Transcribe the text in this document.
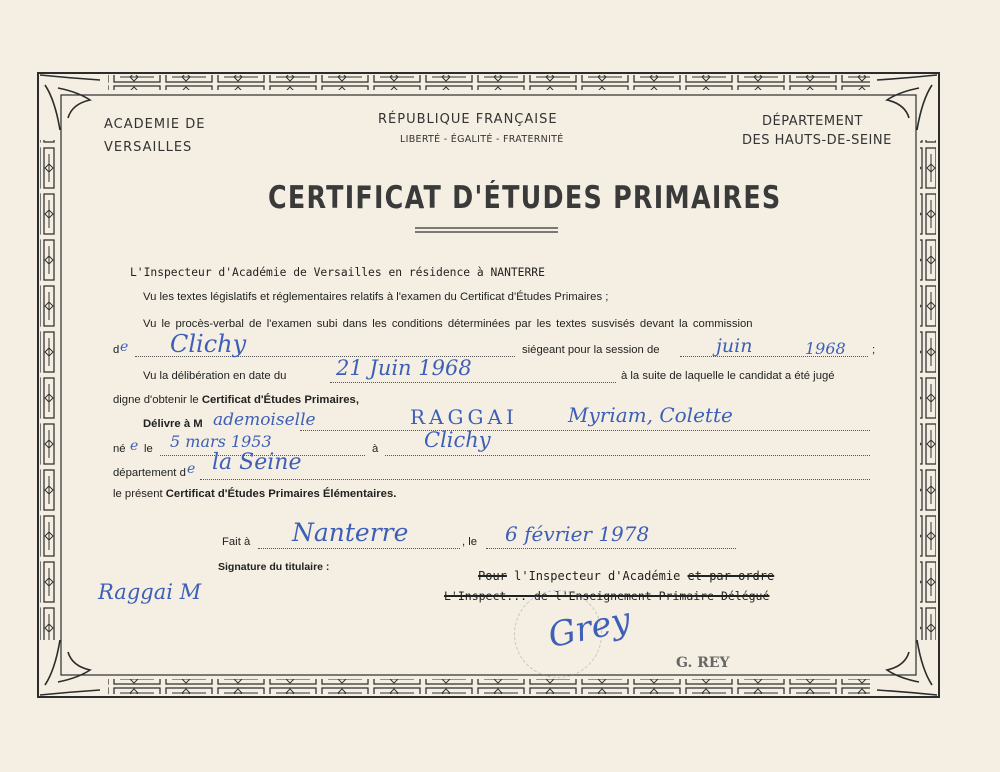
ACADEMIE DE
VERSAILLES
RÉPUBLIQUE FRANÇAISE
LIBERTÉ - ÉGALITÉ - FRATERNITÉ
DÉPARTEMENT
DES HAUTS-DE-SEINE
CERTIFICAT D'ÉTUDES PRIMAIRES
L'Inspecteur d'Académie de Versailles en résidence à NANTERRE
Vu les textes législatifs et réglementaires relatifs à l'examen du Certificat d'Études Primaires ;
Vu le procès-verbal de l'examen subi dans les conditions déterminées par les textes susvisés devant la commission
d e Clichy	siégeant pour la session de	juin	1968 ;
Vu la délibération en date du 21 Juin 1968	à la suite de laquelle le candidat a été jugé
digne d'obtenir le Certificat d'Études Primaires,
Délivre à M ademoiselle	RAGGAI	Myriam, Colette
né e le 5 mars 1953	à Clichy
département d e la Seine
le présent Certificat d'Études Primaires Élémentaires.
Fait à Nanterre	, le 6 février 1978
Signature du titulaire :
Raggai M
Pour l'Inspecteur d'Académie et par ordre
L'Inspect... de l'Enseignement Primaire Délégué
Grey
G. REY
